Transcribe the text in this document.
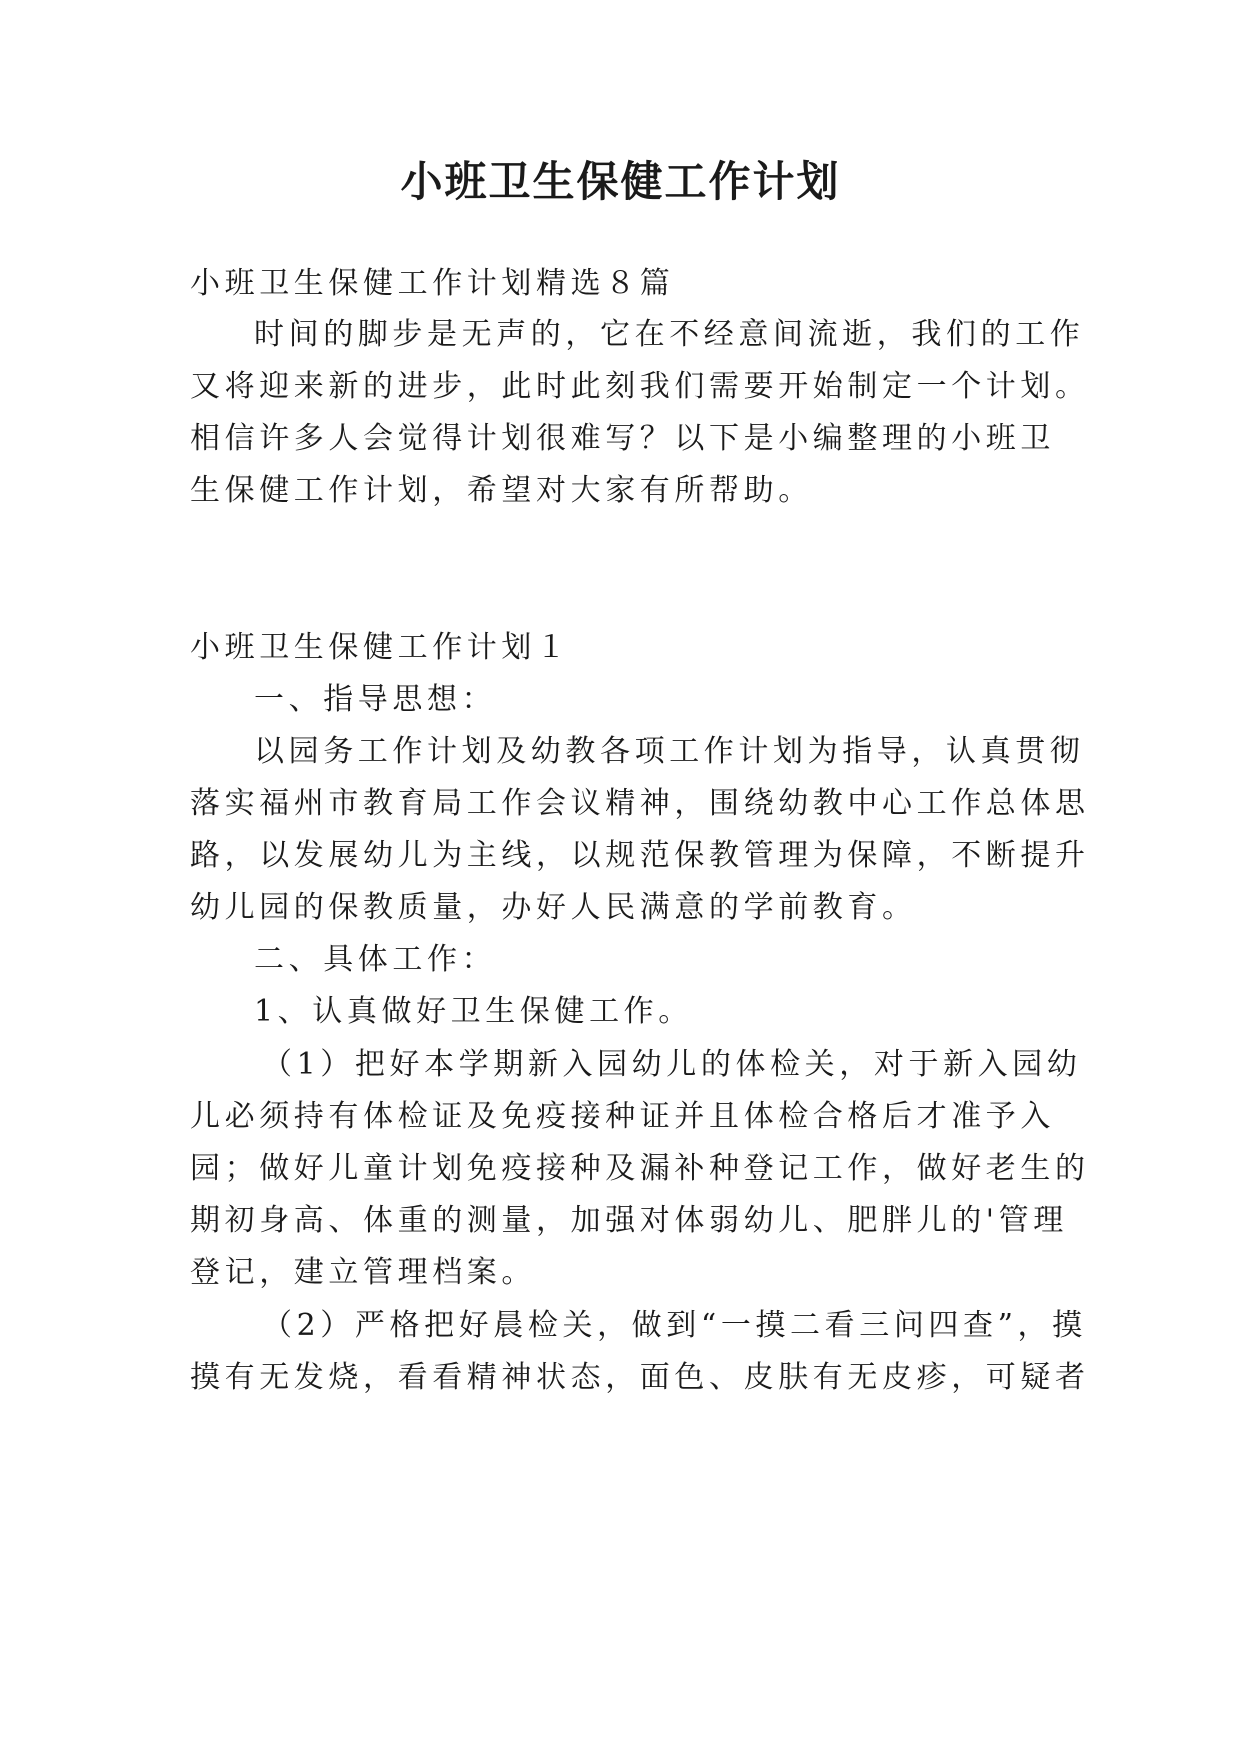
小班卫生保健工作计划
小班卫生保健工作计划精选８篇
时间的脚步是无声的，它在不经意间流逝，我们的工作
又将迎来新的进步，此时此刻我们需要开始制定一个计划。
相信许多人会觉得计划很难写？以下是小编整理的小班卫
生保健工作计划，希望对大家有所帮助。
小班卫生保健工作计划１
一、指导思想：
以园务工作计划及幼教各项工作计划为指导，认真贯彻
落实福州市教育局工作会议精神，围绕幼教中心工作总体思
路，以发展幼儿为主线，以规范保教管理为保障，不断提升
幼儿园的保教质量，办好人民满意的学前教育。
二、具体工作：
1、认真做好卫生保健工作。
（1）把好本学期新入园幼儿的体检关，对于新入园幼
儿必须持有体检证及免疫接种证并且体检合格后才准予入
园；做好儿童计划免疫接种及漏补种登记工作，做好老生的
期初身高、体重的测量，加强对体弱幼儿、肥胖儿的'管理
登记，建立管理档案。
（2）严格把好晨检关，做到“一摸二看三问四查”，摸
摸有无发烧，看看精神状态，面色、皮肤有无皮疹，可疑者
